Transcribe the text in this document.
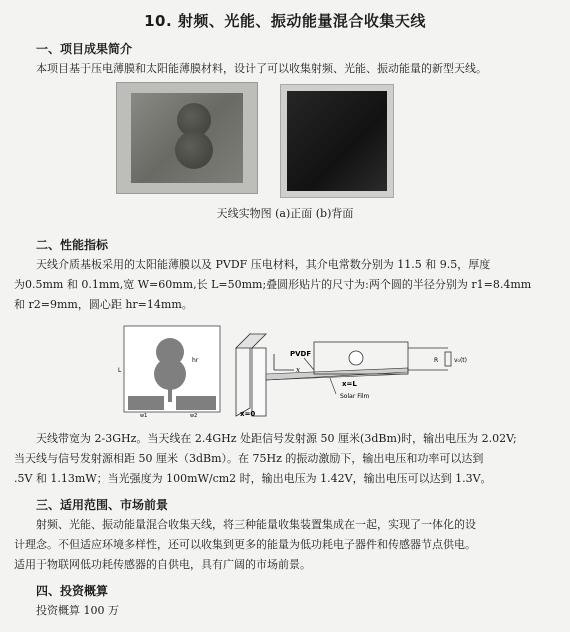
10. 射频、光能、振动能量混合收集天线
一、项目成果简介
本项目基于压电薄膜和太阳能薄膜材料，设计了可以收集射频、光能、振动能量的新型天线。
天线实物图 (a)正面 (b)背面
二、性能指标
天线介质基板采用的太阳能薄膜以及 PVDF 压电材料，其介电常数分别为 11.5 和 9.5，厚度
为0.5mm 和 0.1mm,宽 W=60mm,长 L=50mm;叠圆形贴片的尺寸为:两个圆的半径分别为 r1=8.4mm
和 r2=9mm，圆心距 hr=14mm。
L
hr
w1	w2
x
PVDF
Solar Film
x=0
x=L
R	v₀(t)
天线带宽为 2-3GHz。当天线在 2.4GHz 处距信号发射源 50 厘米(3dBm)时，输出电压为 2.02V;
当天线与信号发射源相距 50 厘米（3dBm）。在 75Hz 的振动激励下，输出电压和功率可以达到
.5V 和 1.13mW；当光强度为 100mW/cm2 时，输出电压为 1.42V，输出电压可以达到 1.3V。
三、适用范围、市场前景
射频、光能、振动能量混合收集天线，将三种能量收集装置集成在一起，实现了一体化的设
计理念。不但适应环境多样性，还可以收集到更多的能量为低功耗电子器件和传感器节点供电。
适用于物联网低功耗传感器的自供电，具有广阔的市场前景。
四、投资概算
投资概算 100 万
